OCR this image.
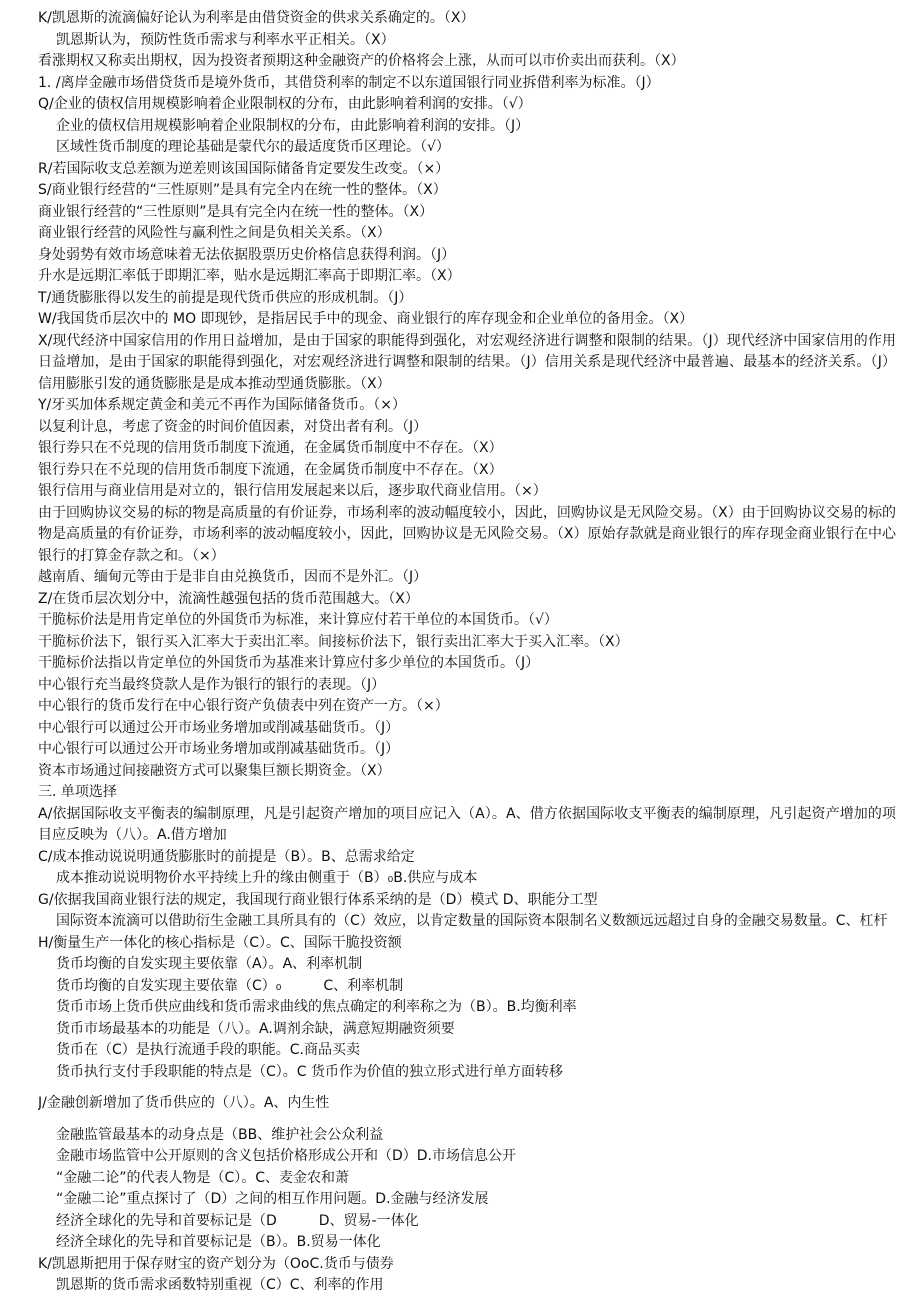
K/凯恩斯的流滴偏好论认为利率是由借贷资金的供求关系确定的。（X）
凯恩斯认为，预防性货币需求与利率水平正相关。（X）
看涨期权又称卖出期权，因为投资者预期这种金融资产的价格将会上涨，从而可以市价卖出而获利。（X）
1. /离岸金融市场借贷货币是境外货币，其借贷利率的制定不以东道国银行同业拆借利率为标准。（J）
Q/企业的债权信用规模影响着企业限制权的分布，由此影响着利润的安排。（√）
企业的债权信用规模影响着企业限制权的分布，由此影响着利润的安排。（J）
区域性货币制度的理论基础是蒙代尔的最适度货币区理论。（√）
R/若国际收支总差额为逆差则该国国际储备肯定要发生改变。（×）
S/商业银行经营的“三性原则”是具有完全内在统一性的整体。（X）
商业银行经营的“三性原则”是具有完全内在统一性的整体。（X）
商业银行经营的风险性与赢利性之间是负相关关系。（X）
身处弱势有效市场意味着无法依据股票历史价格信息获得利润。（J）
升水是远期汇率低于即期汇率，贴水是远期汇率高于即期汇率。（X）
T/通货膨胀得以发生的前提是现代货币供应的形成机制。（J）
W/我国货币层次中的 MO 即现钞，是指居民手中的现金、商业银行的库存现金和企业单位的备用金。（X）
X/现代经济中国家信用的作用日益增加，是由于国家的职能得到强化，对宏观经济进行调整和限制的结果。（J）现代经济中国家信用的作用日益增加，是由于国家的职能得到强化，对宏观经济进行调整和限制的结果。（J）信用关系是现代经济中最普遍、最基本的经济关系。（J）信用膨胀引发的通货膨胀是是成本推动型通货膨胀。（X）
Y/牙买加体系规定黄金和美元不再作为国际储备货币。（×）
以复利计息，考虑了资金的时间价值因素，对贷出者有利。（J）
银行券只在不兑现的信用货币制度下流通，在金属货币制度中不存在。（X）
银行券只在不兑现的信用货币制度下流通，在金属货币制度中不存在。（X）
银行信用与商业信用是对立的，银行信用发展起来以后，逐步取代商业信用。（×）
由于回购协议交易的标的物是高质量的有价证券，市场利率的波动幅度较小，因此，回购协议是无风险交易。（X）由于回购协议交易的标的物是高质量的有价证券，市场利率的波动幅度较小，因此，回购协议是无风险交易。（X）原始存款就是商业银行的库存现金商业银行在中心银行的打算金存款之和。（×）
越南盾、缅甸元等由于是非自由兑换货币，因而不是外汇。（J）
Z/在货币层次划分中，流滴性越强包括的货币范围越大。（X）
干脆标价法是用肯定单位的外国货币为标准，来计算应付若干单位的本国货币。（√）
干脆标价法下，银行买入汇率大于卖出汇率。间接标价法下，银行卖出汇率大于买入汇率。（X）
干脆标价法指以肯定单位的外国货币为基准来计算应付多少单位的本国货币。（J）
中心银行充当最终贷款人是作为银行的银行的表现。（J）
中心银行的货币发行在中心银行资产负债表中列在资产一方。（×）
中心银行可以通过公开市场业务增加或削减基础货币。（J）
中心银行可以通过公开市场业务增加或削减基础货币。（J）
资本市场通过间接融资方式可以聚集巨额长期资金。（X）
三. 单项选择
A/依据国际收支平衡表的编制原理，凡是引起资产增加的项目应记入（A）。A、借方依据国际收支平衡表的编制原理，凡引起资产增加的项目应反映为（八）。A.借方增加
C/成本推动说说明通货膨胀时的前提是（B）。B、总需求给定
成本推动说说明物价水平持续上升的缘由侧重于（B）₀B.供应与成本
G/依据我国商业银行法的规定，我国现行商业银行体系采纳的是（D）模式 D、职能分工型
国际资本流滴可以借助衍生金融工具所具有的（C）效应，以肯定数量的国际资本限制名义数额远远超过自身的金融交易数量。C、杠杆
H/衡量生产一体化的核心指标是（C）。C、国际干脆投资额
货币均衡的自发实现主要依靠（A）。A、利率机制
货币均衡的自发实现主要依靠（C）₀　　　C、利率机制
货币市场上货币供应曲线和货币需求曲线的焦点确定的利率称之为（B）。B.均衡利率
货币市场最基本的功能是（八）。A.调剂余缺，满意短期融资须要
货币在（C）是执行流通手段的职能。C.商品买卖
货币执行支付手段职能的特点是（C）。C 货币作为价值的独立形式进行单方面转移
J/金融创新增加了货币供应的（八）。A、内生性
金融监管最基本的动身点是（BB、维护社会公众利益
金融市场监管中公开原则的含义包括价格形成公开和（D）D.市场信息公开
“金融二论”的代表人物是（C）。C、麦金农和萧
“金融二论”重点探讨了（D）之间的相互作用问题。D.金融与经济发展
经济全球化的先导和首要标记是（D　　　D、贸易-一体化
经济全球化的先导和首要标记是（B）。B.贸易一体化
K/凯恩斯把用于保存财宝的资产划分为（OoC.货币与债券
凯恩斯的货币需求函数特别重视（C）C、利率的作用
